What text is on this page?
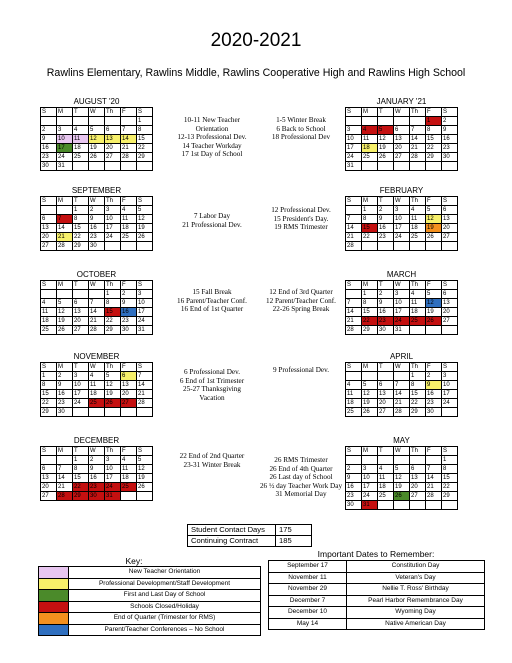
2020-2021
Rawlins Elementary, Rawlins Middle, Rawlins Cooperative High and Rawlins High School
AUGUST '20
S	M	T	W	Th	F	S
						1
2	3	4	5	6	7	8
9	10	11	12	13	14	15
16	17	18	19	20	21	22
23	24	25	26	27	28	29
30	31					
JANUARY '21
S	M	T	W	Th	F	S
					1	2
3	4	5	6	7	8	9
10	11	12	13	14	15	16
17	18	19	20	21	22	23
24	25	26	27	28	29	30
31						
SEPTEMBER
S	M	T	W	Th	F	S
		1	2	3	4	5
6	7	8	9	10	11	12
13	14	15	16	17	18	19
20	21	22	23	24	25	26
27	28	29	30			
FEBRUARY
S	M	T	W	Th	F	S
	1	2	3	4	5	6
7	8	9	10	11	12	13
14	15	16	17	18	19	20
21	22	23	24	25	26	27
28						
OCTOBER
S	M	T	W	Th	F	S
				1	2	3
4	5	6	7	8	9	10
11	12	13	14	15	16	17
18	19	20	21	22	23	24
25	26	27	28	29	30	31
MARCH
S	M	T	W	Th	F	S
	1	2	3	4	5	6
7	8	9	10	11	12	13
14	15	16	17	18	19	20
21	22	23	24	25	26	27
28	29	30	31			
NOVEMBER
S	M	T	W	Th	F	S
1	2	3	4	5	6	7
8	9	10	11	12	13	14
15	16	17	18	19	20	21
22	23	24	25	26	27	28
29	30					
APRIL
S	M	T	W	Th	F	S
				1	2	3
4	5	6	7	8	9	10
11	12	13	14	15	16	17
18	19	20	21	22	23	24
25	26	27	28	29	30	
DECEMBER
S	M	T	W	Th	F	S
		1	2	3	4	5
6	7	8	9	10	11	12
13	14	15	16	17	18	19
20	21	22	23	24	25	26
27	28	29	30	31		
MAY
S	M	T	W	Th	F	S
						1
2	3	4	5	6	7	8
9	10	11	12	13	14	15
16	17	18	19	20	21	22
23	24	25	26	27	28	29
30	31					
10-11 New Teacher
Orientation
12-13 Professional Dev.
14 Teacher Workday
17 1st Day of School
1-5 Winter Break
6 Back to School
18 Professional Dev
7 Labor Day
21 Professional Dev.
12 Professional Dev.
15 President's Day.
19 RMS Trimester
15 Fall Break
16 Parent/Teacher Conf.
16 End of 1st Quarter
12 End of 3rd Quarter
12 Parent/Teacher Conf.
22-26 Spring Break
6 Professional Dev.
6 End of 1st Trimester
25-27 Thanksgiving
Vacation
9 Professional Dev.
22 End of 2nd Quarter
23-31 Winter Break
26 RMS Trimester
26 End of 4th Quarter
26 Last day of School
26 ½ day Teacher Work Day
31 Memorial Day
Student Contact Days	175
Continuing Contract	185
Key:
	New Teacher Orientation
	Professional Development/Staff Development
	First and Last Day of School
	Schools Closed/Holiday
	End of Quarter (Trimester for RMS)
	Parent/Teacher Conferences – No School
Important Dates to Remember:
September 17	Constitution Day
November 11	Veteran's Day
November 29	Nellie T. Ross' Birthday
December 7	Pearl Harbor Remembrance Day
December 10	Wyoming Day
May 14	Native American Day
